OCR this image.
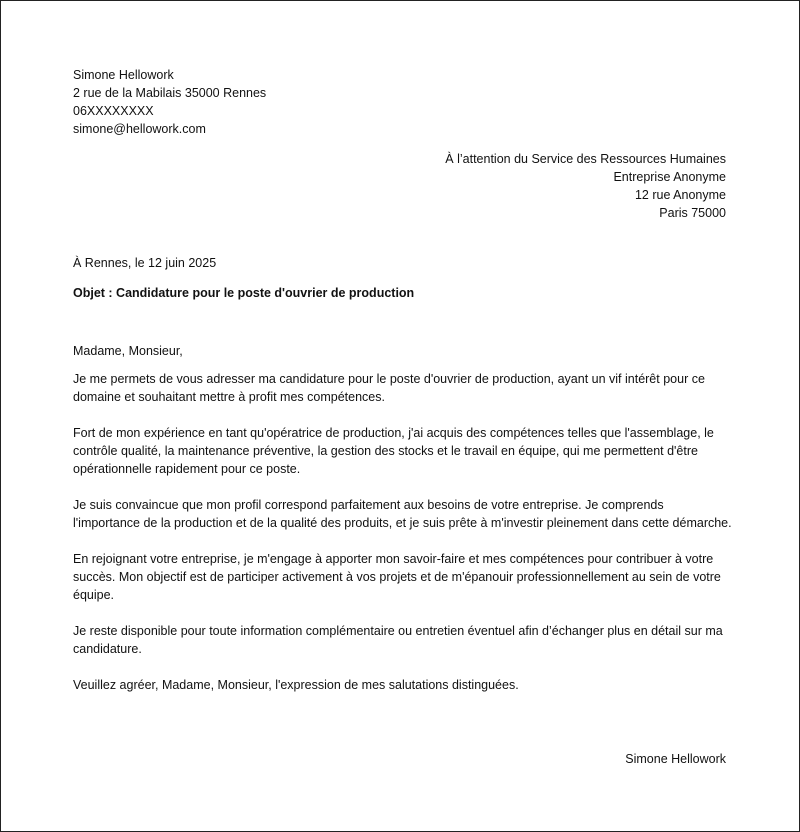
Simone Hellowork
2 rue de la Mabilais 35000 Rennes
06XXXXXXXX
simone@hellowork.com
À l’attention du Service des Ressources Humaines
Entreprise Anonyme
12 rue Anonyme
Paris 75000
À Rennes, le 12 juin 2025
Objet : Candidature pour le poste d'ouvrier de production

Madame, Monsieur,

Je me permets de vous adresser ma candidature pour le poste d'ouvrier de production, ayant un vif intérêt pour ce domaine et souhaitant mettre à profit mes compétences.

Fort de mon expérience en tant qu'opératrice de production, j'ai acquis des compétences telles que l'assemblage, le contrôle qualité, la maintenance préventive, la gestion des stocks et le travail en équipe, qui me permettent d'être opérationnelle rapidement pour ce poste.

Je suis convaincue que mon profil correspond parfaitement aux besoins de votre entreprise. Je comprends l'importance de la production et de la qualité des produits, et je suis prête à m'investir pleinement dans cette démarche.

En rejoignant votre entreprise, je m'engage à apporter mon savoir-faire et mes compétences pour contribuer à votre succès. Mon objectif est de participer activement à vos projets et de m'épanouir professionnellement au sein de votre équipe.

Je reste disponible pour toute information complémentaire ou entretien éventuel afin d’échanger plus en détail sur ma candidature.

Veuillez agréer, Madame, Monsieur, l'expression de mes salutations distinguées.

Simone Hellowork
